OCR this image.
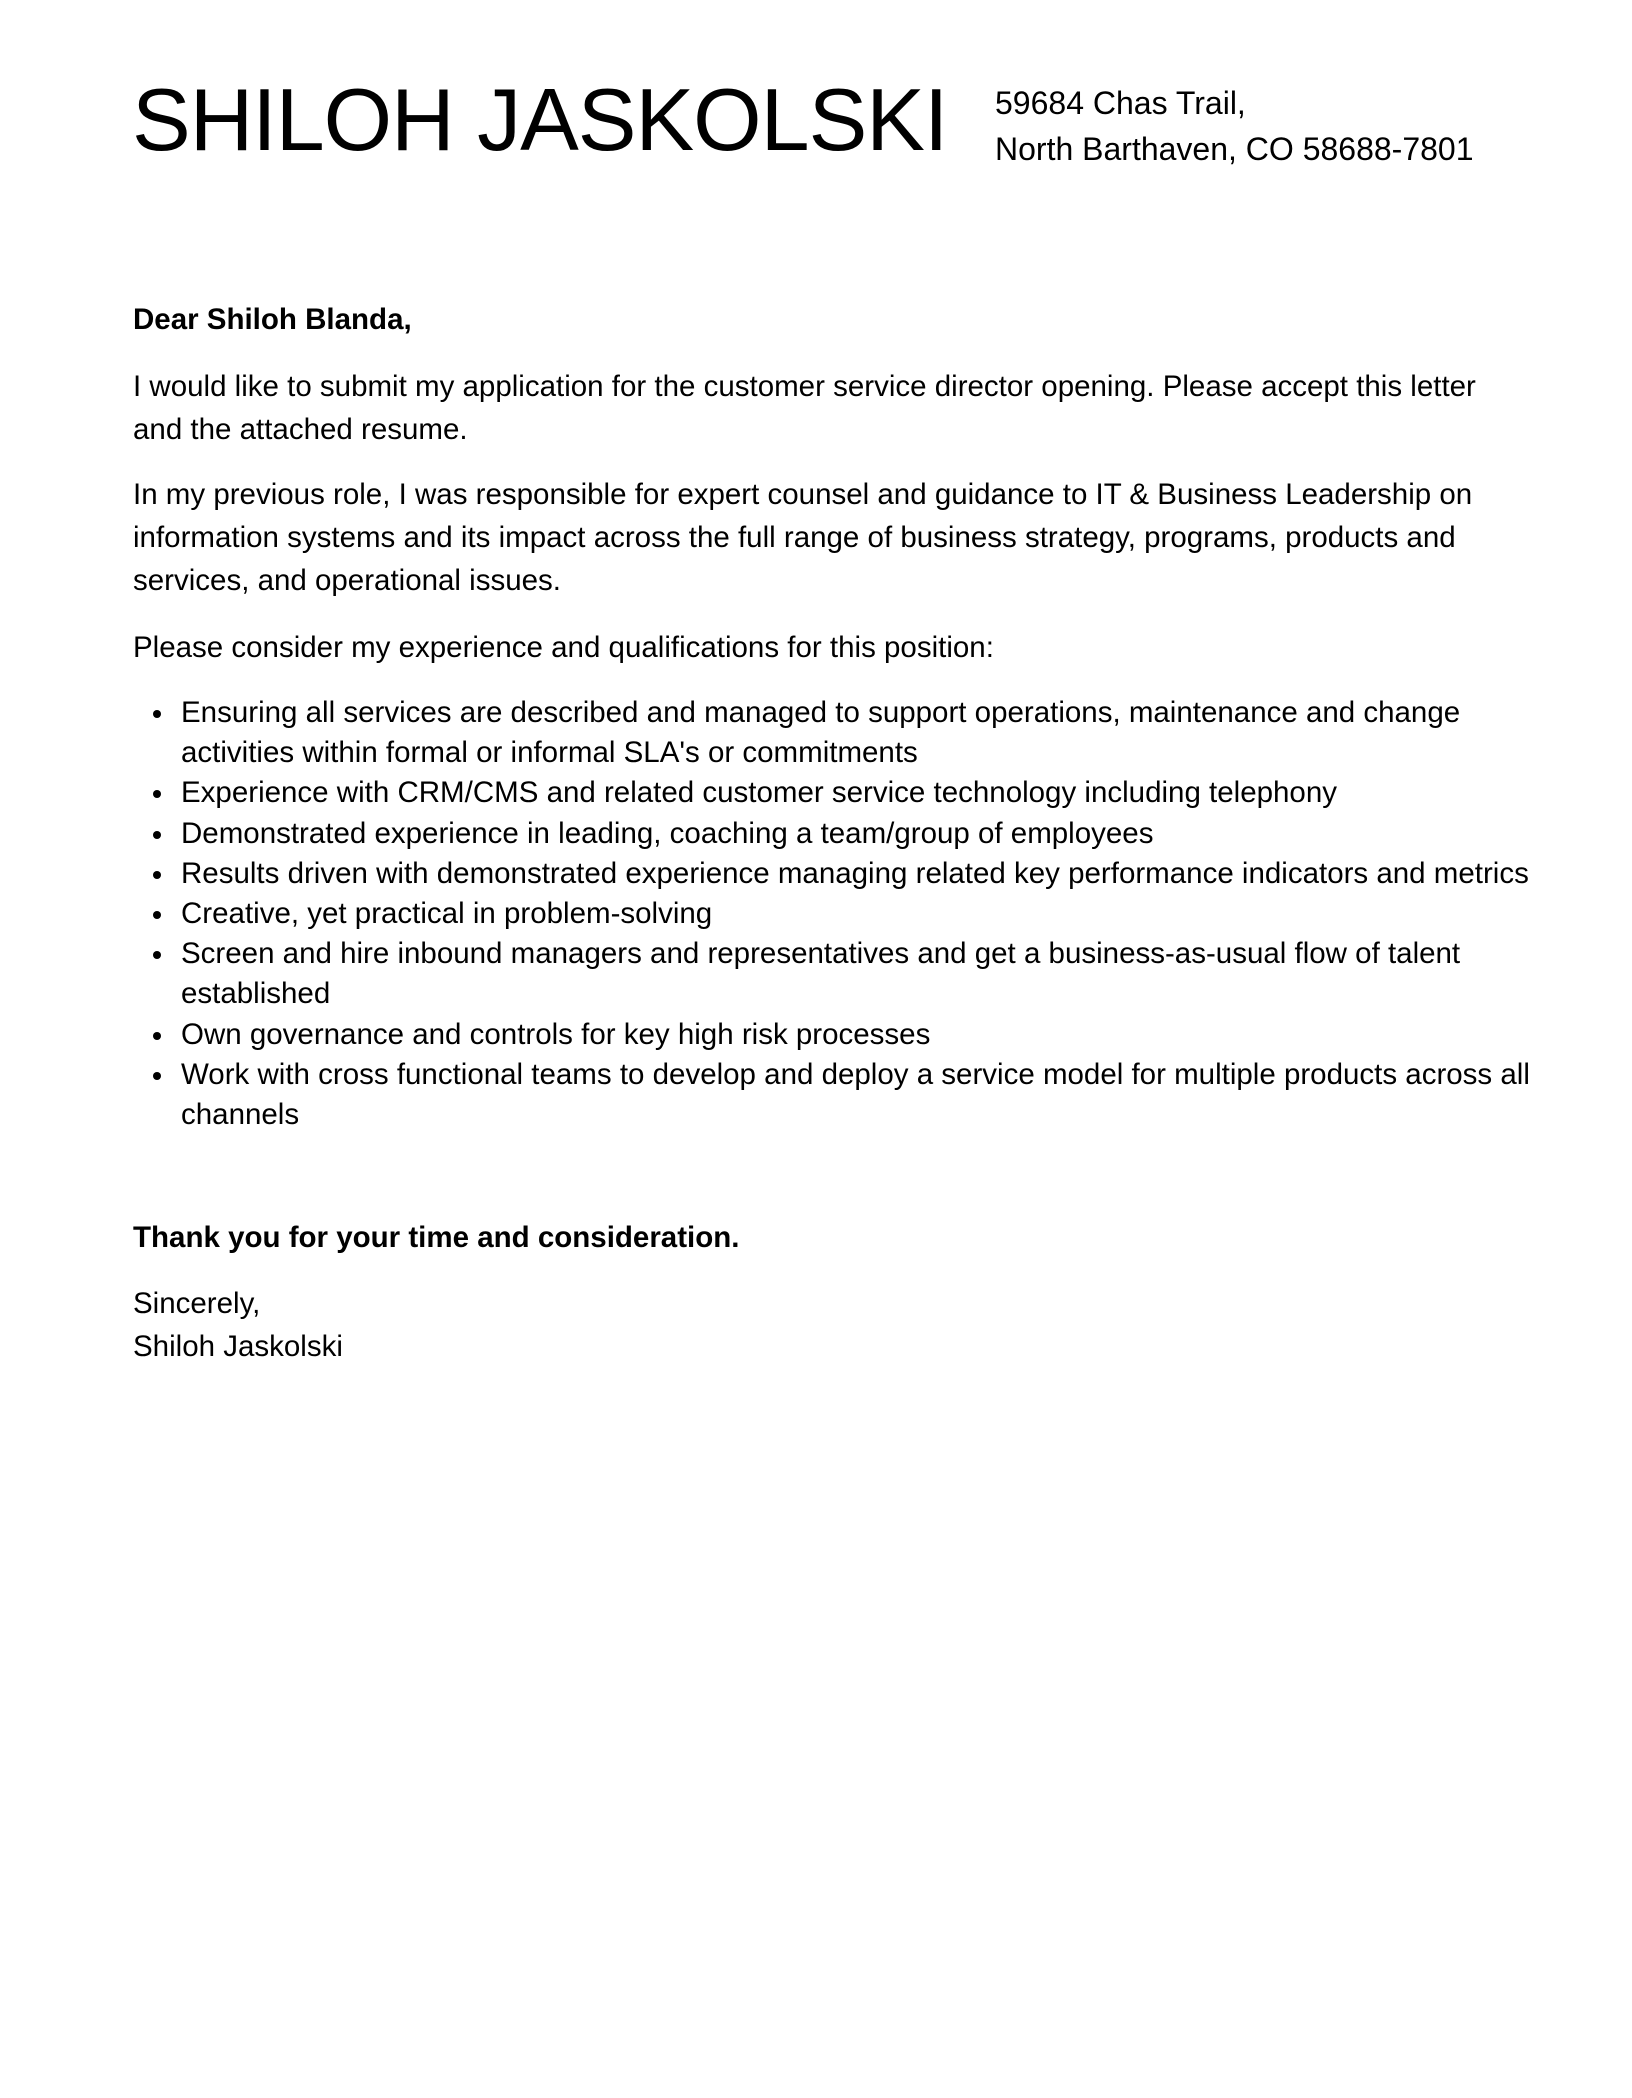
SHILOH JASKOLSKI 59684 Chas Trail,
North Barthaven, CO 58688-7801
Dear Shiloh Blanda,
I would like to submit my application for the customer service director opening. Please accept this letter and the attached resume.
In my previous role, I was responsible for expert counsel and guidance to IT & Business Leadership on information systems and its impact across the full range of business strategy, programs, products and services, and operational issues.
Please consider my experience and qualifications for this position:
Ensuring all services are described and managed to support operations, maintenance and change activities within formal or informal SLA's or commitments
Experience with CRM/CMS and related customer service technology including telephony
Demonstrated experience in leading, coaching a team/group of employees
Results driven with demonstrated experience managing related key performance indicators and metrics
Creative, yet practical in problem-solving
Screen and hire inbound managers and representatives and get a business-as-usual flow of talent established
Own governance and controls for key high risk processes
Work with cross functional teams to develop and deploy a service model for multiple products across all channels
Thank you for your time and consideration.
Sincerely,
Shiloh Jaskolski
